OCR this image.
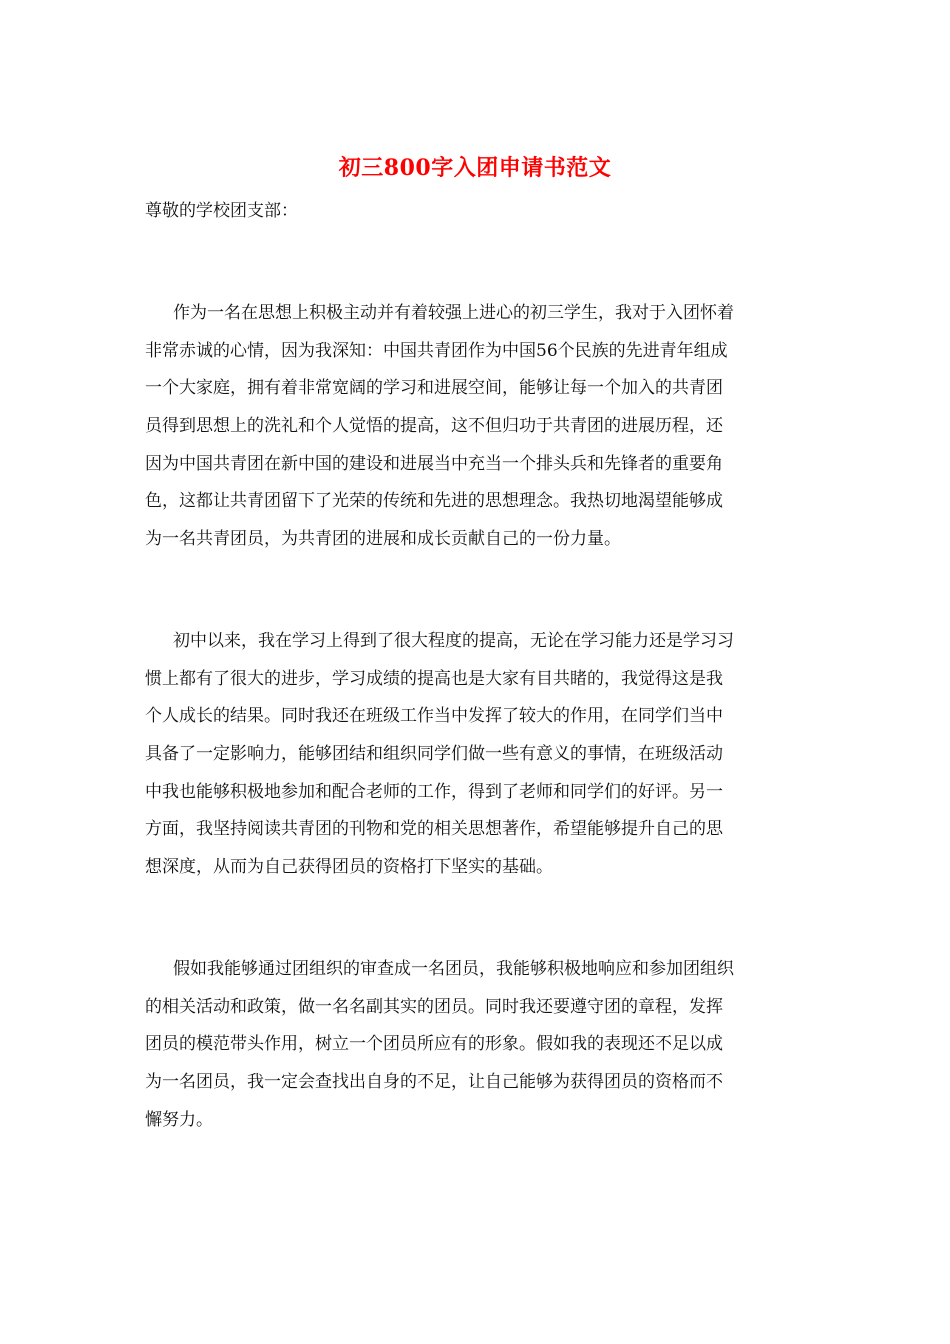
初三800字入团申请书范文
尊敬的学校团支部：
作为一名在思想上积极主动并有着较强上进心的初三学生，我对于入团怀着
非常赤诚的心情，因为我深知：中国共青团作为中国56个民族的先进青年组成
一个大家庭，拥有着非常宽阔的学习和进展空间，能够让每一个加入的共青团
员得到思想上的洗礼和个人觉悟的提高，这不但归功于共青团的进展历程，还
因为中国共青团在新中国的建设和进展当中充当一个排头兵和先锋者的重要角
色，这都让共青团留下了光荣的传统和先进的思想理念。我热切地渴望能够成
为一名共青团员，为共青团的进展和成长贡献自己的一份力量。
初中以来，我在学习上得到了很大程度的提高，无论在学习能力还是学习习
惯上都有了很大的进步，学习成绩的提高也是大家有目共睹的，我觉得这是我
个人成长的结果。同时我还在班级工作当中发挥了较大的作用，在同学们当中
具备了一定影响力，能够团结和组织同学们做一些有意义的事情，在班级活动
中我也能够积极地参加和配合老师的工作，得到了老师和同学们的好评。另一
方面，我坚持阅读共青团的刊物和党的相关思想著作，希望能够提升自己的思
想深度，从而为自己获得团员的资格打下坚实的基础。
假如我能够通过团组织的审查成一名团员，我能够积极地响应和参加团组织
的相关活动和政策，做一名名副其实的团员。同时我还要遵守团的章程，发挥
团员的模范带头作用，树立一个团员所应有的形象。假如我的表现还不足以成
为一名团员，我一定会查找出自身的不足，让自己能够为获得团员的资格而不
懈努力。
